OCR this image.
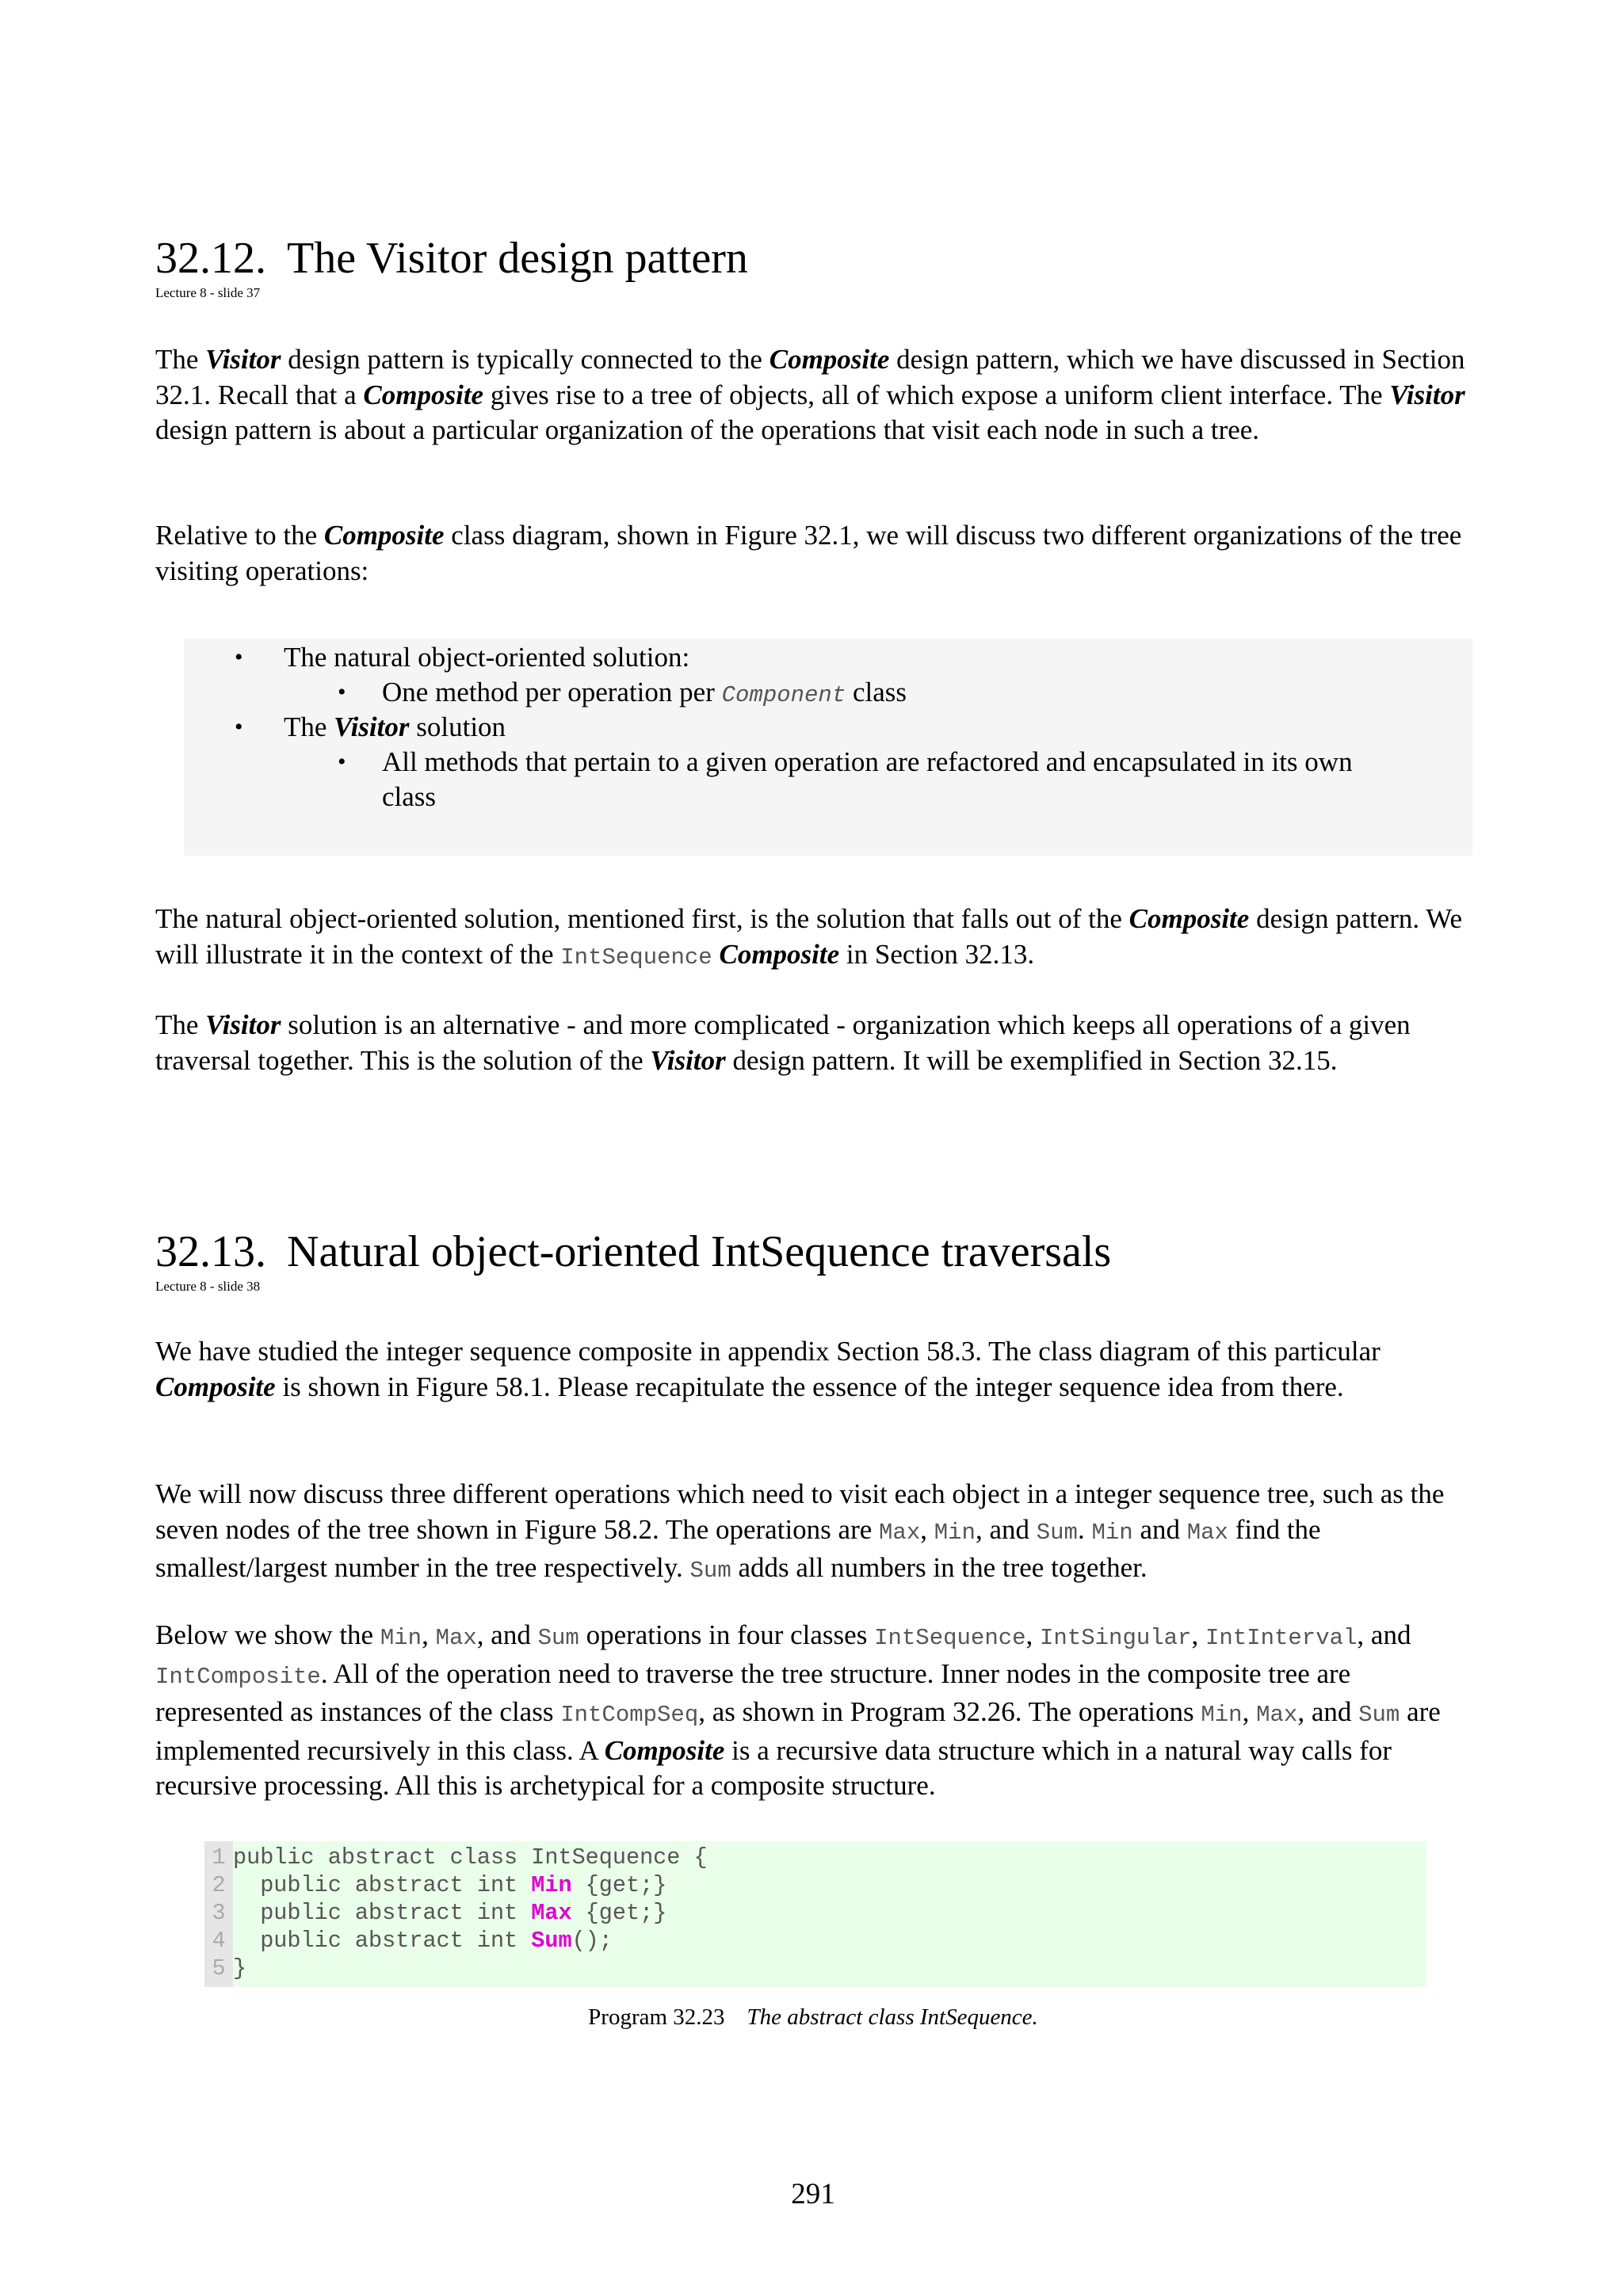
32.12. The Visitor design pattern
Lecture 8 - slide 37

The Visitor design pattern is typically connected to the Composite design pattern, which we have discussed in Section 32.1. Recall that a Composite gives rise to a tree of objects, all of which expose a uniform client interface. The Visitor design pattern is about a particular organization of the operations that visit each node in such a tree.

Relative to the Composite class diagram, shown in Figure 32.1, we will discuss two different organizations of the tree visiting operations:

• The natural object-oriented solution:
• One method per operation per Component class
• The Visitor solution
• All methods that pertain to a given operation are refactored and encapsulated in its own
class

The natural object-oriented solution, mentioned first, is the solution that falls out of the Composite design pattern. We will illustrate it in the context of the IntSequence Composite in Section 32.13.

The Visitor solution is an alternative - and more complicated - organization which keeps all operations of a given traversal together. This is the solution of the Visitor design pattern. It will be exemplified in Section 32.15.

32.13. Natural object-oriented IntSequence traversals
Lecture 8 - slide 38

We have studied the integer sequence composite in appendix Section 58.3. The class diagram of this particular Composite is shown in Figure 58.1. Please recapitulate the essence of the integer sequence idea from there.

We will now discuss three different operations which need to visit each object in a integer sequence tree, such as the seven nodes of the tree shown in Figure 58.2. The operations are Max, Min, and Sum. Min and Max find the smallest/largest number in the tree respectively. Sum adds all numbers in the tree together.

Below we show the Min, Max, and Sum operations in four classes IntSequence, IntSingular, IntInterval, and IntComposite. All of the operation need to traverse the tree structure. Inner nodes in the composite tree are represented as instances of the class IntCompSeq, as shown in Program 32.26. The operations Min, Max, and Sum are implemented recursively in this class. A Composite is a recursive data structure which in a natural way calls for recursive processing. All this is archetypical for a composite structure.

1 public abstract class IntSequence {
2  public abstract int Min {get;}
3  public abstract int Max {get;}
4  public abstract int Sum();
5 }
Program 32.23 The abstract class IntSequence.
291
